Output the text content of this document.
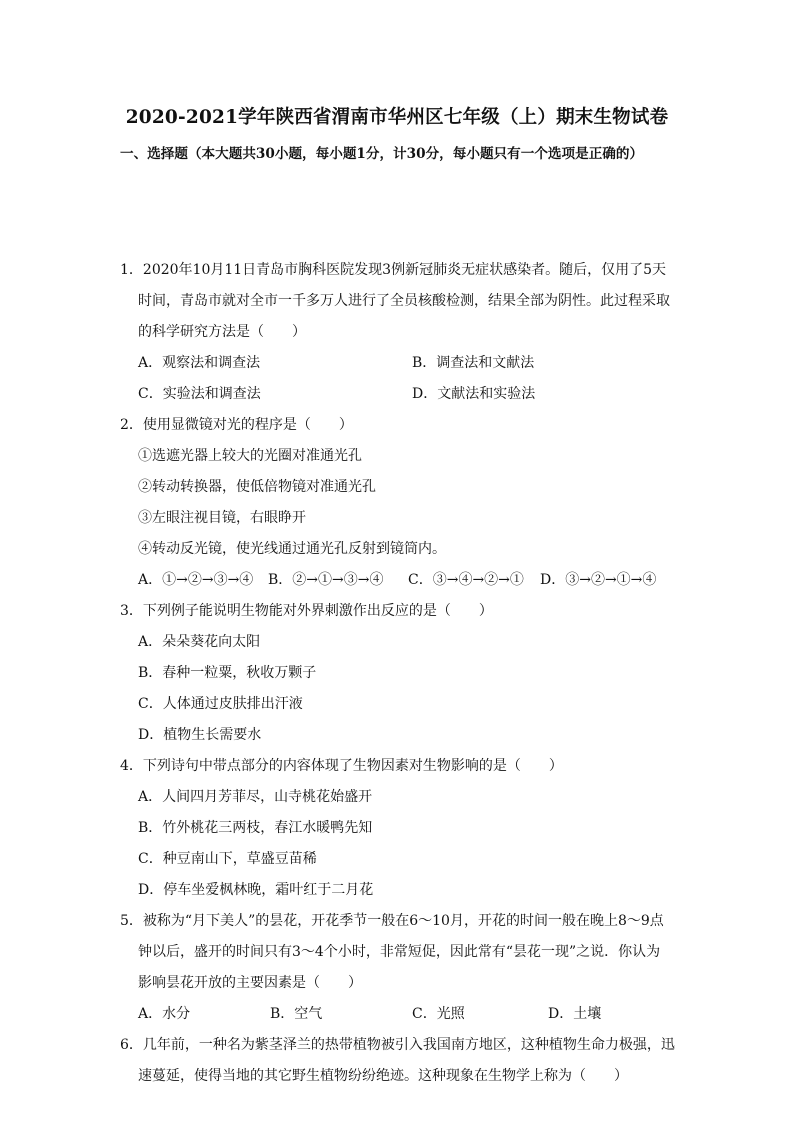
2020-2021学年陕西省渭南市华州区七年级（上）期末生物试卷
一、选择题（本大题共30小题，每小题1分，计30分，每小题只有一个选项是正确的）
1．2020年10月11日青岛市胸科医院发现3例新冠肺炎无症状感染者。随后，仅用了5天
时间，青岛市就对全市一千多万人进行了全员核酸检测，结果全部为阴性。此过程采取
的科学研究方法是（　　）
A．观察法和调查法	B．调查法和文献法
C．实验法和调查法	D．文献法和实验法
2．使用显微镜对光的程序是（　　）
①选遮光器上较大的光圈对准通光孔
②转动转换器，使低倍物镜对准通光孔
③左眼注视目镜，右眼睁开
④转动反光镜，使光线通过通光孔反射到镜筒内。
A．①→②→③→④ B．②→①→③→④ C．③→④→②→① D．③→②→①→④
3．下列例子能说明生物能对外界刺激作出反应的是（　　）
A．朵朵葵花向太阳
B．春种一粒粟，秋收万颗子
C．人体通过皮肤排出汗液
D．植物生长需要水
4．下列诗句中带点部分的内容体现了生物因素对生物影响的是（　　）
A．人间四月芳菲尽，山寺桃花始盛开
B．竹外桃花三两枝，春江水暖鸭先知
C．种豆南山下，草盛豆苗稀
D．停车坐爱枫林晚，霜叶红于二月花
5．被称为“月下美人”的昙花，开花季节一般在6～10月，开花的时间一般在晚上8～9点
钟以后，盛开的时间只有3～4个小时，非常短促，因此常有“昙花一现”之说．你认为
影响昙花开放的主要因素是（　　）
A．水分	B．空气	C．光照	D．土壤
6．几年前，一种名为紫茎泽兰的热带植物被引入我国南方地区，这种植物生命力极强，迅
速蔓延，使得当地的其它野生植物纷纷绝迹。这种现象在生物学上称为（　　）
